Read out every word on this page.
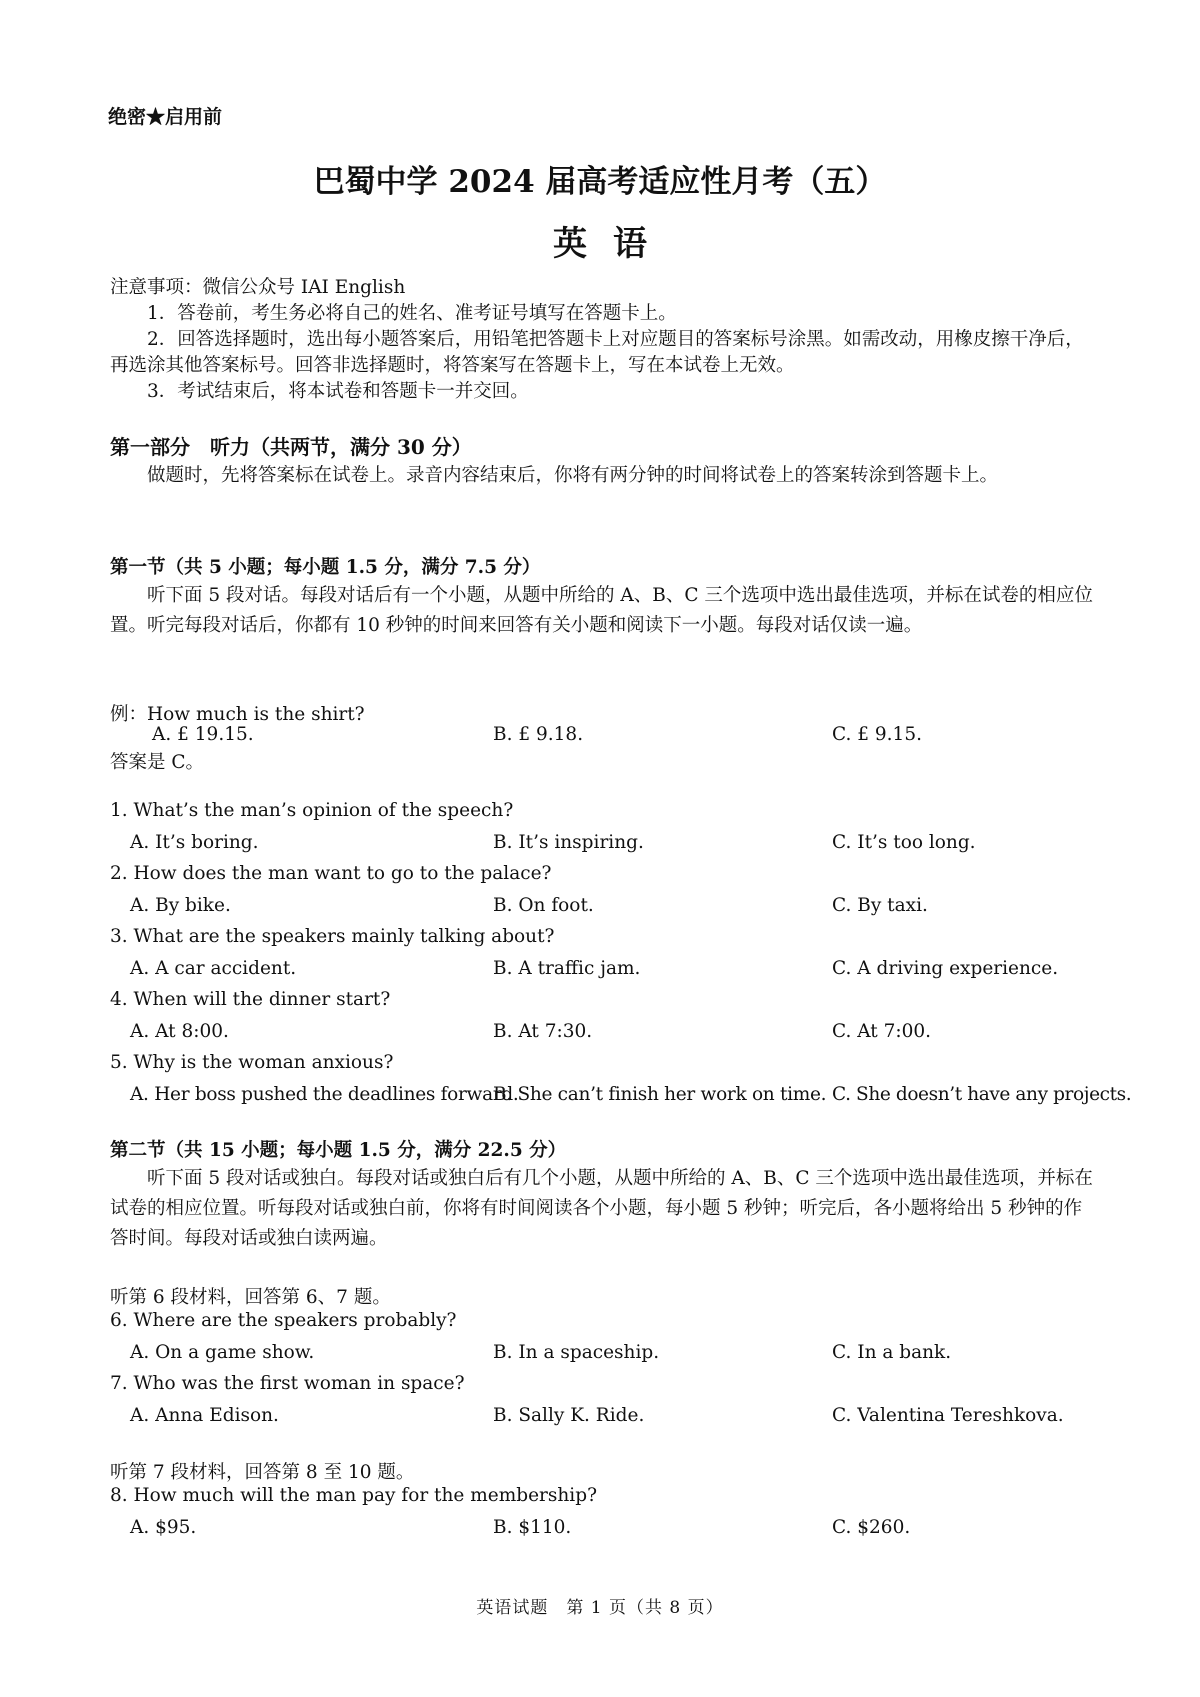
绝密★启用前
巴蜀中学 2024 届高考适应性月考（五）
英语
注意事项：微信公众号 IAI English
1．答卷前，考生务必将自己的姓名、准考证号填写在答题卡上。
2．回答选择题时，选出每小题答案后，用铅笔把答题卡上对应题目的答案标号涂黑。如需改动，用橡皮擦干净后，再选涂其他答案标号。回答非选择题时，将答案写在答题卡上，写在本试卷上无效。
3．考试结束后，将本试卷和答题卡一并交回。
第一部分　听力（共两节，满分 30 分）
做题时，先将答案标在试卷上。录音内容结束后，你将有两分钟的时间将试卷上的答案转涂到答题卡上。
第一节（共 5 小题；每小题 1.5 分，满分 7.5 分）
听下面 5 段对话。每段对话后有一个小题，从题中所给的 A、B、C 三个选项中选出最佳选项，并标在试卷的相应位置。听完每段对话后，你都有 10 秒钟的时间来回答有关小题和阅读下一小题。每段对话仅读一遍。
例：How much is the shirt?
A. £ 19.15.	B. £ 9.18.	C. £ 9.15.
答案是 C。
1. What’s the man’s opinion of the speech?
A. It’s boring.	B. It’s inspiring.	C. It’s too long.
2. How does the man want to go to the palace?
A. By bike.	B. On foot.	C. By taxi.
3. What are the speakers mainly talking about?
A. A car accident.	B. A traffic jam.	C. A driving experience.
4. When will the dinner start?
A. At 8:00.	B. At 7:30.	C. At 7:00.
5. Why is the woman anxious?
A. Her boss pushed the deadlines forward.
B. She can’t finish her work on time. C. She doesn’t have any projects.
第二节（共 15 小题；每小题 1.5 分，满分 22.5 分）
听下面 5 段对话或独白。每段对话或独白后有几个小题，从题中所给的 A、B、C 三个选项中选出最佳选项，并标在试卷的相应位置。听每段对话或独白前，你将有时间阅读各个小题，每小题 5 秒钟；听完后，各小题将给出 5 秒钟的作答时间。每段对话或独白读两遍。
听第 6 段材料，回答第 6、7 题。
6. Where are the speakers probably?
A. On a game show.	B. In a spaceship.	C. In a bank.
7. Who was the first woman in space?
A. Anna Edison.	B. Sally K. Ride.	C. Valentina Tereshkova.
听第 7 段材料，回答第 8 至 10 题。
8. How much will the man pay for the membership?
A. $95.	B. $110.	C. $260.
英语试题　第 1 页（共 8 页）
